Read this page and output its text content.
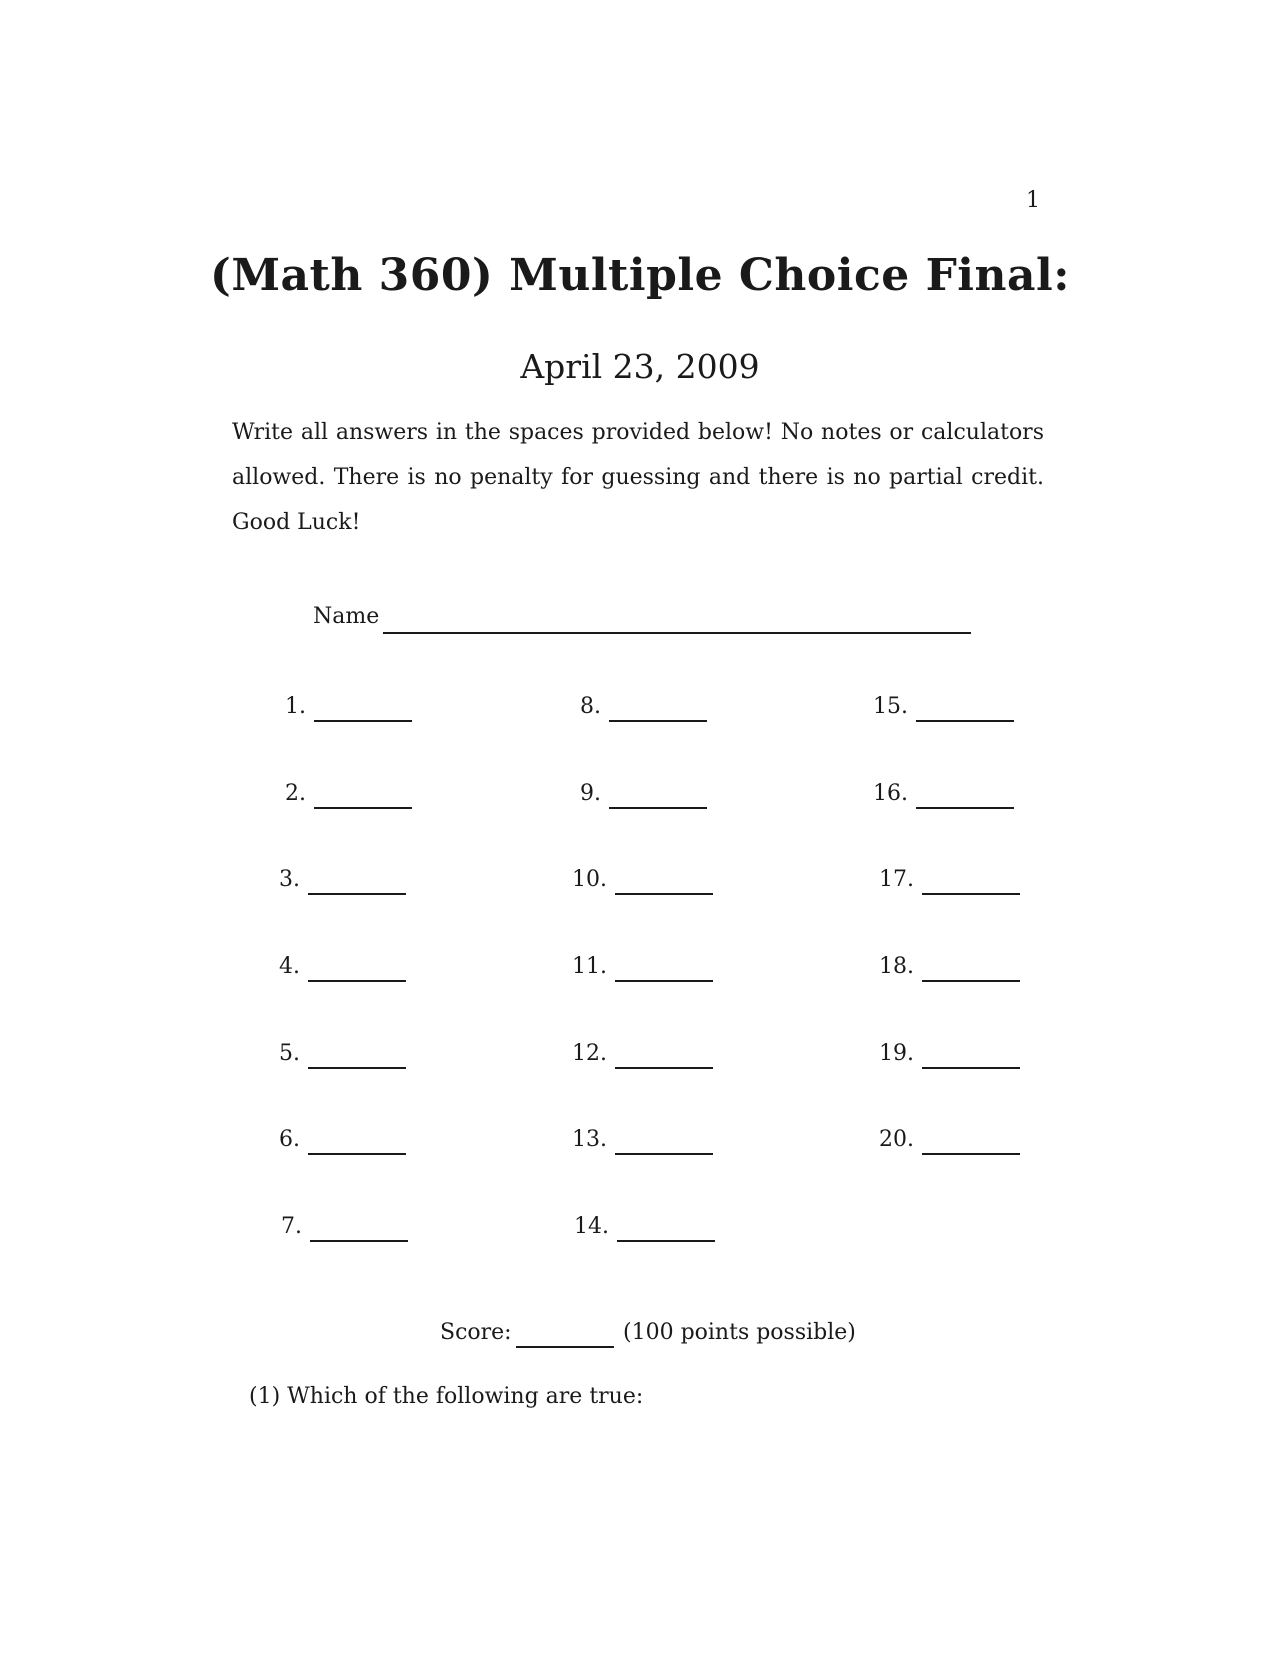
1
(Math 360) Multiple Choice Final:
April 23, 2009
Write all answers in the spaces provided below! No notes or calculators allowed. There is no penalty for guessing and there is no partial credit. Good Luck!
Name
1.
2.
3.
4.
5.
6.
7.
8.
9.
10.
11.
12.
13.
14.
15.
16.
17.
18.
19.
20.
Score:	(100 points possible)
(1) Which of the following are true:
